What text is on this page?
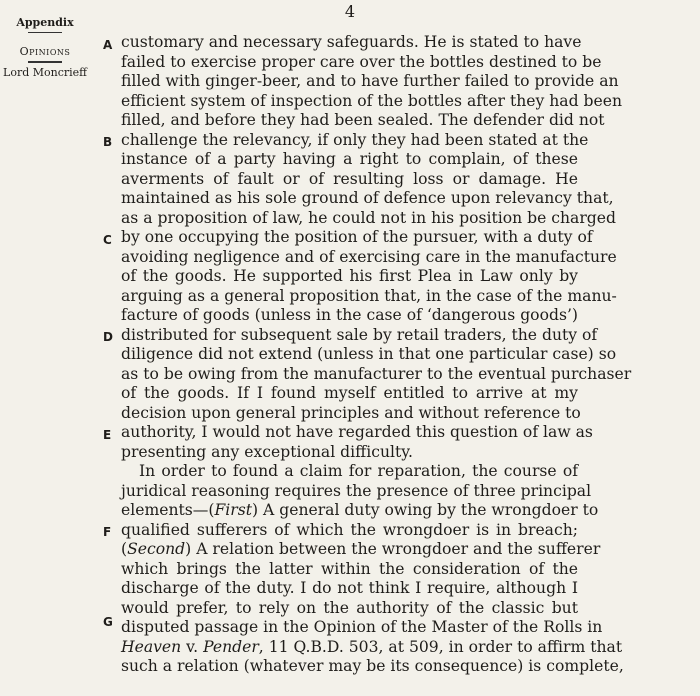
4
Appendix
Opinions
Lord Moncrieff
A
B
C
D
E
F
G
customary and necessary safeguards. He is stated to have
failed to exercise proper care over the bottles destined to be
filled with ginger-beer, and to have further failed to provide an
efficient system of inspection of the bottles after they had been
filled, and before they had been sealed. The defender did not
challenge the relevancy, if only they had been stated at the
instance of a party having a right to complain, of these
averments of fault or of resulting loss or damage. He
maintained as his sole ground of defence upon relevancy that,
as a proposition of law, he could not in his position be charged
by one occupying the position of the pursuer, with a duty of
avoiding negligence and of exercising care in the manufacture
of the goods. He supported his first Plea in Law only by
arguing as a general proposition that, in the case of the manu-
facture of goods (unless in the case of ‘dangerous goods’)
distributed for subsequent sale by retail traders, the duty of
diligence did not extend (unless in that one particular case) so
as to be owing from the manufacturer to the eventual purchaser
of the goods. If I found myself entitled to arrive at my
decision upon general principles and without reference to
authority, I would not have regarded this question of law as
presenting any exceptional difficulty.
In order to found a claim for reparation, the course of
juridical reasoning requires the presence of three principal
elements—(First) A general duty owing by the wrongdoer to
qualified sufferers of which the wrongdoer is in breach;
(Second) A relation between the wrongdoer and the sufferer
which brings the latter within the consideration of the
discharge of the duty. I do not think I require, although I
would prefer, to rely on the authority of the classic but
disputed passage in the Opinion of the Master of the Rolls in
Heaven v. Pender, 11 Q.B.D. 503, at 509, in order to affirm that
such a relation (whatever may be its consequence) is complete,
